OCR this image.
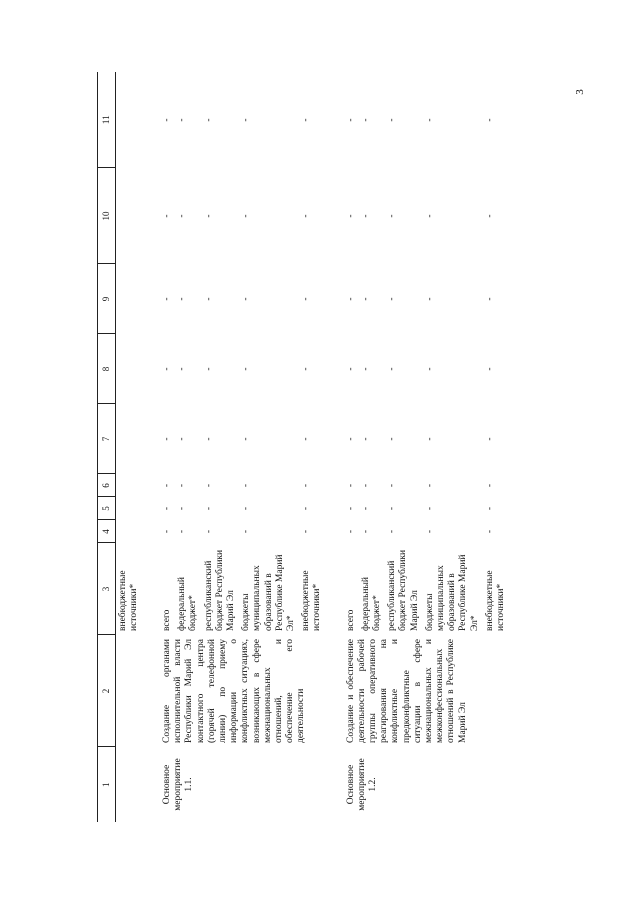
3
1	2	3	4	5	6	7	8	9	10	11
		внебюджетные источники*								
Основное мероприятие 1.1.	Создание органами исполнительной власти Республики Марий Эл контактного центра (горячей телефонной линии) по приему информации о конфликтных ситуациях, возникающих в сфере межнациональных отношений, и обеспечение его деятельности	всего	-	-	-	-	-	-	-	-
		федеральный бюджет*	-	-	-	-	-	-	-	-
		республиканский бюджет Республики Марий Эл	-	-	-	-	-	-	-	-
		бюджеты муниципальных образований в Республике Марий Эл*	-	-	-	-	-	-	-	-
		внебюджетные источники*	-	-	-	-	-	-	-	-
Основное мероприятие 1.2.	Создание и обеспечение деятельности рабочей группы оперативного реагирования на конфликтные и предконфликтные ситуации в сфере межнациональных и межконфессиональных отношений в Республике Марий Эл	всего	-	-	-	-	-	-	-	-
		федеральный бюджет*	-	-	-	-	-	-	-	-
		республиканский бюджет Республики Марий Эл	-	-	-	-	-	-	-	-
		бюджеты муниципальных образований в Республике Марий Эл*	-	-	-	-	-	-	-	-
		внебюджетные источники*	-	-	-	-	-	-	-	-
